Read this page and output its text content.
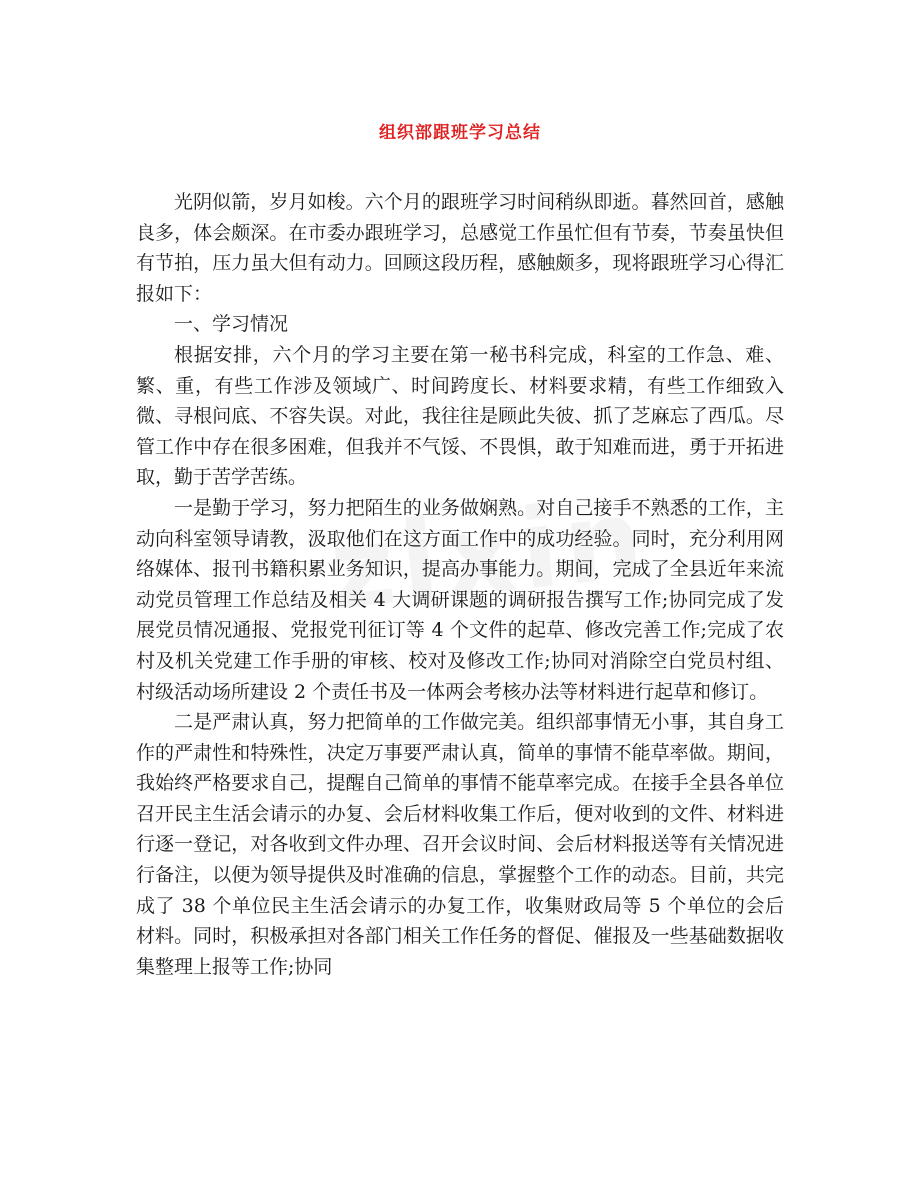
组织部跟班学习总结

光阴似箭，岁月如梭。六个月的跟班学习时间稍纵即逝。暮然回首，感触良多，体会颇深。在市委办跟班学习，总感觉工作虽忙但有节奏，节奏虽快但有节拍，压力虽大但有动力。回顾这段历程，感触颇多，现将跟班学习心得汇报如下：

一、学习情况

根据安排，六个月的学习主要在第一秘书科完成，科室的工作急、难、繁、重，有些工作涉及领域广、时间跨度长、材料要求精，有些工作细致入微、寻根问底、不容失误。对此，我往往是顾此失彼、抓了芝麻忘了西瓜。尽管工作中存在很多困难，但我并不气馁、不畏惧，敢于知难而进，勇于开拓进取，勤于苦学苦练。

一是勤于学习，努力把陌生的业务做娴熟。对自己接手不熟悉的工作，主动向科室领导请教，汲取他们在这方面工作中的成功经验。同时，充分利用网络媒体、报刊书籍积累业务知识，提高办事能力。期间，完成了全县近年来流动党员管理工作总结及相关 4 大调研课题的调研报告撰写工作;协同完成了发展党员情况通报、党报党刊征订等 4 个文件的起草、修改完善工作;完成了农村及机关党建工作手册的审核、校对及修改工作;协同对消除空白党员村组、村级活动场所建设 2 个责任书及一体两会考核办法等材料进行起草和修订。

二是严肃认真，努力把简单的工作做完美。组织部事情无小事，其自身工作的严肃性和特殊性，决定万事要严肃认真，简单的事情不能草率做。期间，我始终严格要求自己，提醒自己简单的事情不能草率完成。在接手全县各单位召开民主生活会请示的办复、会后材料收集工作后，便对收到的文件、材料进行逐一登记，对各收到文件办理、召开会议时间、会后材料报送等有关情况进行备注，以便为领导提供及时准确的信息，掌握整个工作的动态。目前，共完成了 38 个单位民主生活会请示的办复工作，收集财政局等 5 个单位的会后材料。同时，积极承担对各部门相关工作任务的督促、催报及一些基础数据收集整理上报等工作;协同
